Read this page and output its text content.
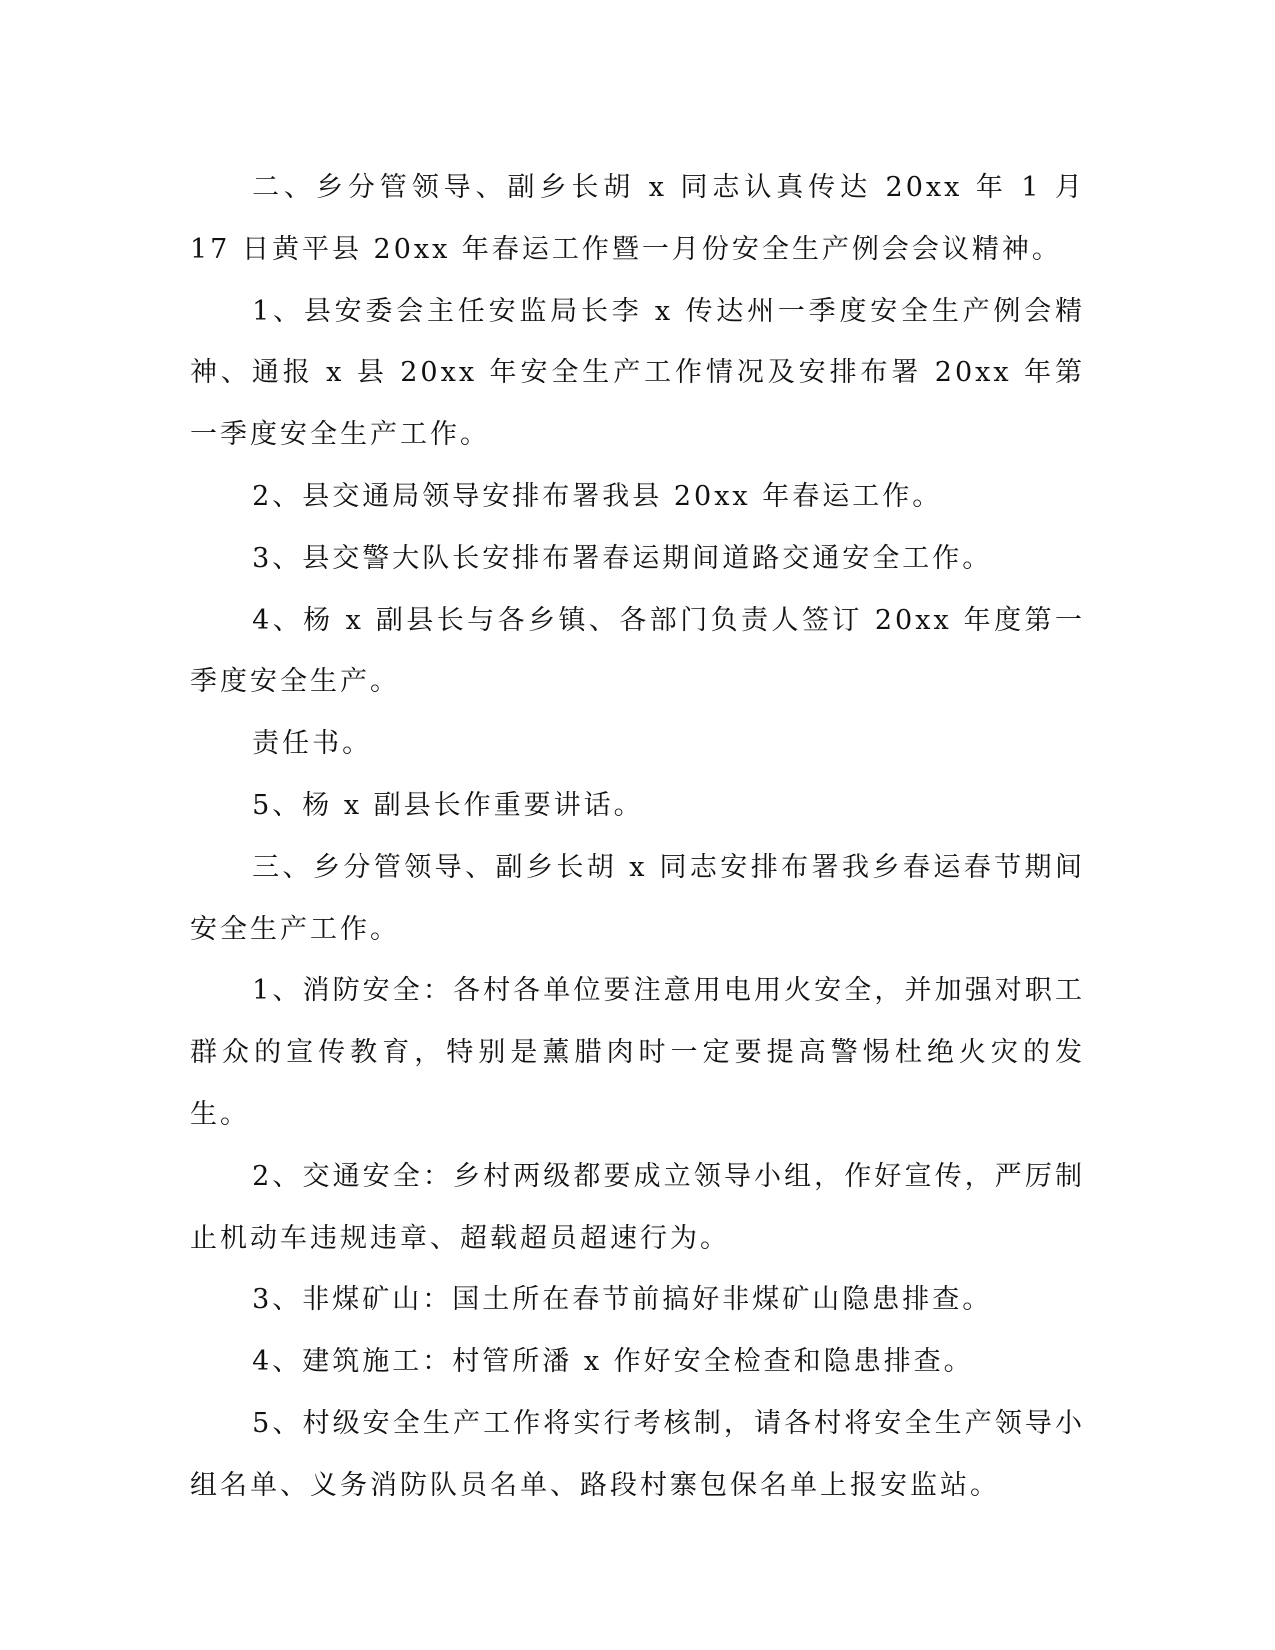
二、乡分管领导、副乡长胡 x 同志认真传达 20xx 年 1 月 17 日黄平县 20xx 年春运工作暨一月份安全生产例会会议精神。

1、县安委会主任安监局长李 x 传达州一季度安全生产例会精神、通报 x 县 20xx 年安全生产工作情况及安排布署 20xx 年第一季度安全生产工作。

2、县交通局领导安排布署我县 20xx 年春运工作。

3、县交警大队长安排布署春运期间道路交通安全工作。

4、杨 x 副县长与各乡镇、各部门负责人签订 20xx 年度第一季度安全生产。

责任书。

5、杨 x 副县长作重要讲话。

三、乡分管领导、副乡长胡 x 同志安排布署我乡春运春节期间安全生产工作。

1、消防安全：各村各单位要注意用电用火安全，并加强对职工群众的宣传教育，特别是薰腊肉时一定要提高警惕杜绝火灾的发生。

2、交通安全：乡村两级都要成立领导小组，作好宣传，严厉制止机动车违规违章、超载超员超速行为。

3、非煤矿山：国土所在春节前搞好非煤矿山隐患排查。

4、建筑施工：村管所潘 x 作好安全检查和隐患排查。

5、村级安全生产工作将实行考核制，请各村将安全生产领导小组名单、义务消防队员名单、路段村寨包保名单上报安监站。
